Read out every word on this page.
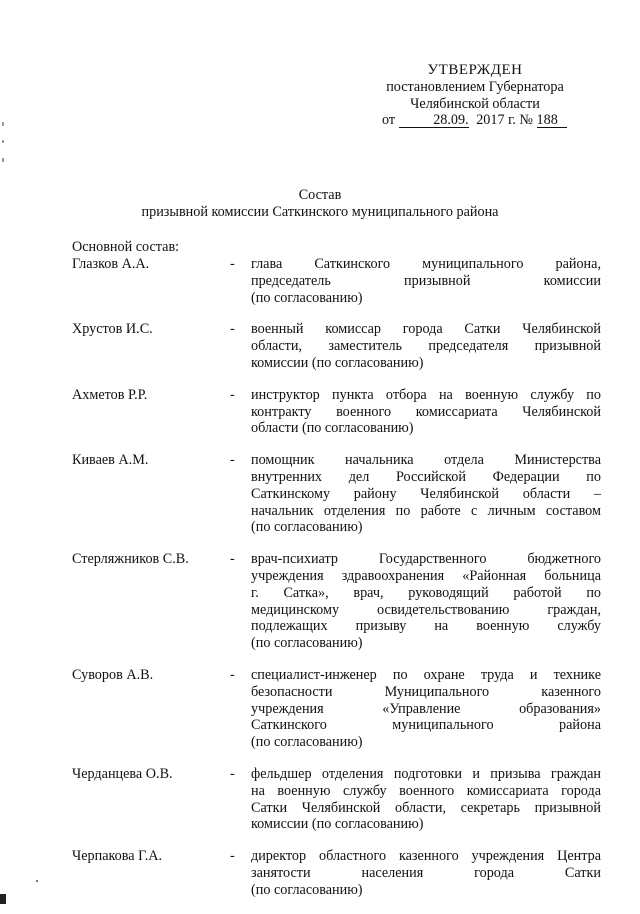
УТВЕРЖДЕН
постановлением Губернатора
Челябинской области
от	28.09. 2017 г. № 188
Состав
призывной комиссии Саткинского муниципального района
Основной состав:
Глазков А.А.	-	глава Саткинского муниципального района,
председатель призывной комиссии
(по согласованию)
Хрустов И.С.	-	военный комиссар города Сатки Челябинской
области, заместитель председателя призывной
комиссии (по согласованию)
Ахметов Р.Р.	-	инструктор пункта отбора на военную службу по
контракту военного комиссариата Челябинской
области (по согласованию)
Киваев А.М.	-	помощник начальника отдела Министерства
внутренних дел Российской Федерации по
Саткинскому району Челябинской области –
начальник отделения по работе с личным составом
(по согласованию)
Стерляжников С.В.	-	врач-психиатр Государственного бюджетного
учреждения здравоохранения «Районная больница
г. Сатка», врач, руководящий работой по
медицинскому освидетельствованию граждан,
подлежащих призыву на военную службу
(по согласованию)
Суворов А.В.	-	специалист-инженер по охране труда и технике
безопасности Муниципального казенного
учреждения «Управление образования»
Саткинского муниципального района
(по согласованию)
Черданцева О.В.	-	фельдшер отделения подготовки и призыва граждан
на военную службу военного комиссариата города
Сатки Челябинской области, секретарь призывной
комиссии (по согласованию)
Черпакова Г.А.	-	директор областного казенного учреждения Центра
занятости населения города Сатки
(по согласованию)
